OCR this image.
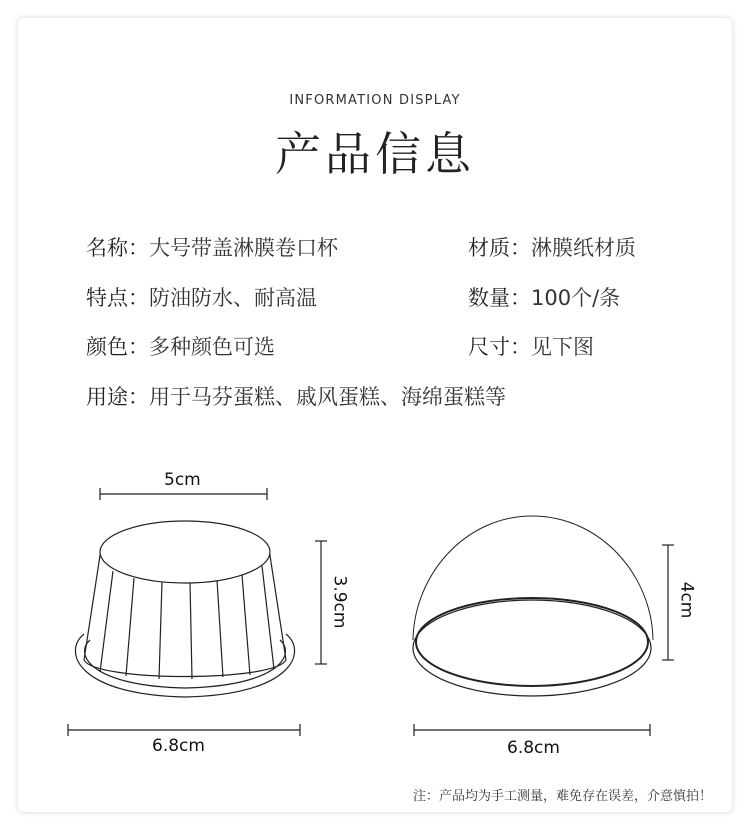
INFORMATION DISPLAY
产品信息
名称：大号带盖淋膜卷口杯	材质：淋膜纸材质
特点：防油防水、耐高温	数量：100个/条
颜色：多种颜色可选	尺寸：见下图
用途：用于马芬蛋糕、戚风蛋糕、海绵蛋糕等
5cm
3.9cm
6.8cm
4cm
6.8cm
注：产品均为手工测量，难免存在误差，介意慎拍！
